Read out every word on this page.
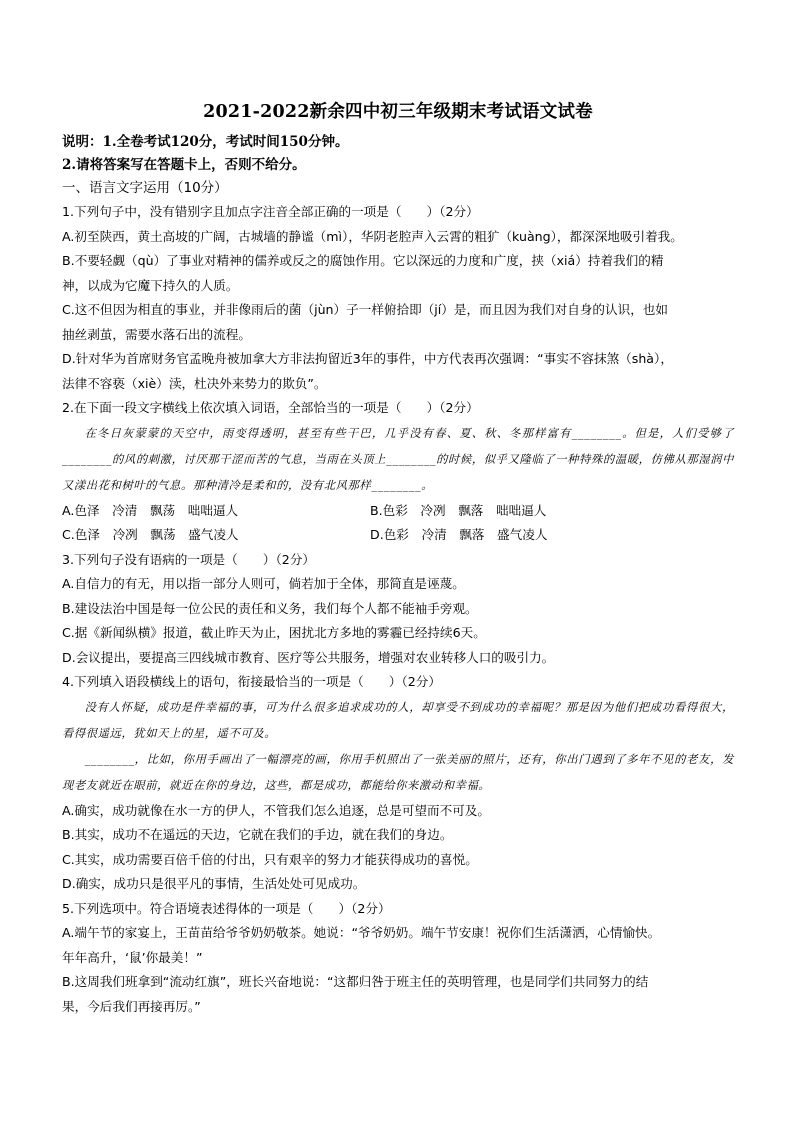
2021-2022新余四中初三年级期末考试语文试卷
说明：1.全卷考试120分，考试时间150分钟。
2.请将答案写在答题卡上，否则不给分。
一、语言文字运用（10分）
1.下列句子中，没有错别字且加点字注音全部正确的一项是（　　）（2分）
A.初至陕西，黄土高坡的广阔，古城墙的静谧（mì），华阴老腔声入云霄的粗犷（kuàng），都深深地吸引着我。
B.不要轻觑（qù）了事业对精神的儒养或反之的腐蚀作用。它以深远的力度和广度，挟（xiá）持着我们的精
神，以成为它魔下持久的人质。
C.这不但因为相直的事业，并非像雨后的菌（jùn）子一样俯拾即（jí）是，而且因为我们对自身的认识，也如
抽丝剥茧，需要水落石出的流程。
D.针对华为首席财务官孟晚舟被加拿大方非法拘留近3年的事件，中方代表再次强调：“事实不容抹煞（shà），
法律不容亵（xiè）渎，杜决外来势力的欺负”。
2.在下面一段文字横线上依次填入词语，全部恰当的一项是（　　）（2分）
在冬日灰蒙蒙的天空中，雨变得透明，甚至有些干巴，几乎没有春、夏、秋、冬那样富有________。但是，人们受够了________的风的刺激，讨厌那干涩而苦的气息，当雨在头顶上________的时候，似乎又隆临了一种特殊的温暖，仿佛从那湿润中又漾出花和树叶的气息。那种清冷是柔和的，没有北风那样________。
A.色泽　冷清　飘荡　咄咄逼人	B.色彩　冷冽　飘落　咄咄逼人
C.色泽　冷冽　飘荡　盛气凌人	D.色彩　冷清　飘落　盛气凌人
3.下列句子没有语病的一项是（　　）（2分）
A.自信力的有无，用以指一部分人则可，倘若加于全体，那简直是诬蔑。
B.建设法治中国是每一位公民的责任和义务，我们每个人都不能袖手旁观。
C.据《新闻纵横》报道，截止昨天为止，困扰北方多地的雾霾已经持续6天。
D.会议提出，要提高三四线城市教育、医疗等公共服务，增强对农业转移人口的吸引力。
4.下列填入语段横线上的语句，衔接最恰当的一项是（　　）（2分）
没有人怀疑，成功是件幸福的事，可为什么很多追求成功的人，却享受不到成功的幸福呢？那是因为他们把成功看得很大，看得很遥远，犹如天上的星，遥不可及。
________，比如，你用手画出了一幅漂亮的画，你用手机照出了一张美丽的照片，还有，你出门遇到了多年不见的老友，发现老友就近在眼前，就近在你的身边，这些，都是成功，都能给你来激动和幸福。
A.确实，成功就像在水一方的伊人，不管我们怎么追逐，总是可望而不可及。
B.其实，成功不在遥远的天边，它就在我们的手边，就在我们的身边。
C.其实，成功需要百倍千倍的付出，只有艰辛的努力才能获得成功的喜悦。
D.确实，成功只是很平凡的事情，生活处处可见成功。
5.下列选项中。符合语境表述得体的一项是（　　）（2分）
A.端午节的家宴上，王苗苗给爷爷奶奶敬茶。她说：“爷爷奶奶。端午节安康！祝你们生活潇洒，心情愉快。
年年高升，‘鼠’你最美！”
B.这周我们班拿到“流动红旗”，班长兴奋地说：“这都归咎于班主任的英明管理，也是同学们共同努力的结
果，今后我们再接再厉。”
